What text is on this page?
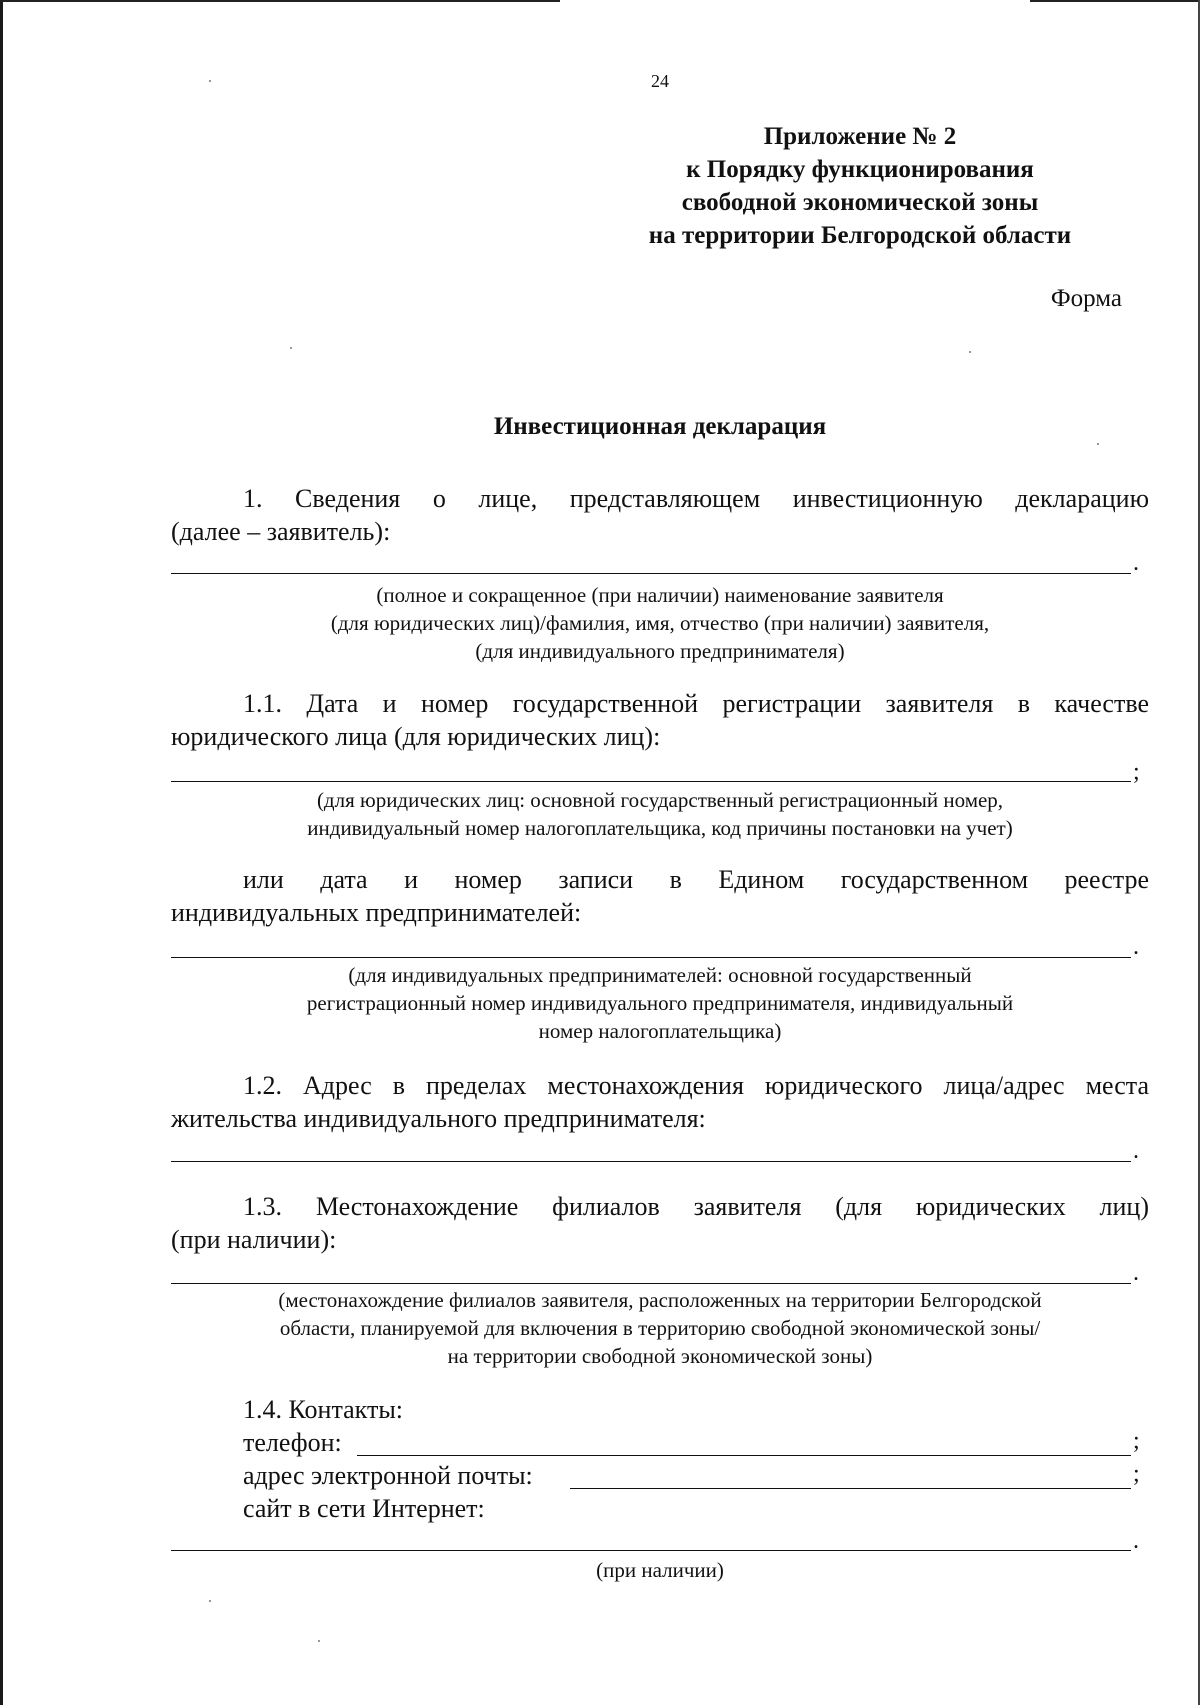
24
Приложение № 2
к Порядку функционирования
свободной экономической зоны
на территории Белгородской области
Форма
Инвестиционная декларация
1. Сведения о лице, представляющем инвестиционную декларацию
(далее – заявитель):
.
(полное и сокращенное (при наличии) наименование заявителя
(для юридических лиц)/фамилия, имя, отчество (при наличии) заявителя,
(для индивидуального предпринимателя)
1.1. Дата и номер государственной регистрации заявителя в качестве
юридического лица (для юридических лиц):
;
(для юридических лиц: основной государственный регистрационный номер,
индивидуальный номер налогоплательщика, код причины постановки на учет)
или дата и номер записи в Едином государственном реестре
индивидуальных предпринимателей:
.
(для индивидуальных предпринимателей: основной государственный
регистрационный номер индивидуального предпринимателя, индивидуальный
номер налогоплательщика)
1.2. Адрес в пределах местонахождения юридического лица/адрес места
жительства индивидуального предпринимателя:
.
1.3. Местонахождение филиалов заявителя (для юридических лиц)
(при наличии):
.
(местонахождение филиалов заявителя, расположенных на территории Белгородской
области, планируемой для включения в территорию свободной экономической зоны/
на территории свободной экономической зоны)
1.4. Контакты:
телефон:	;
адрес электронной почты:	;
сайт в сети Интернет:
.
(при наличии)
